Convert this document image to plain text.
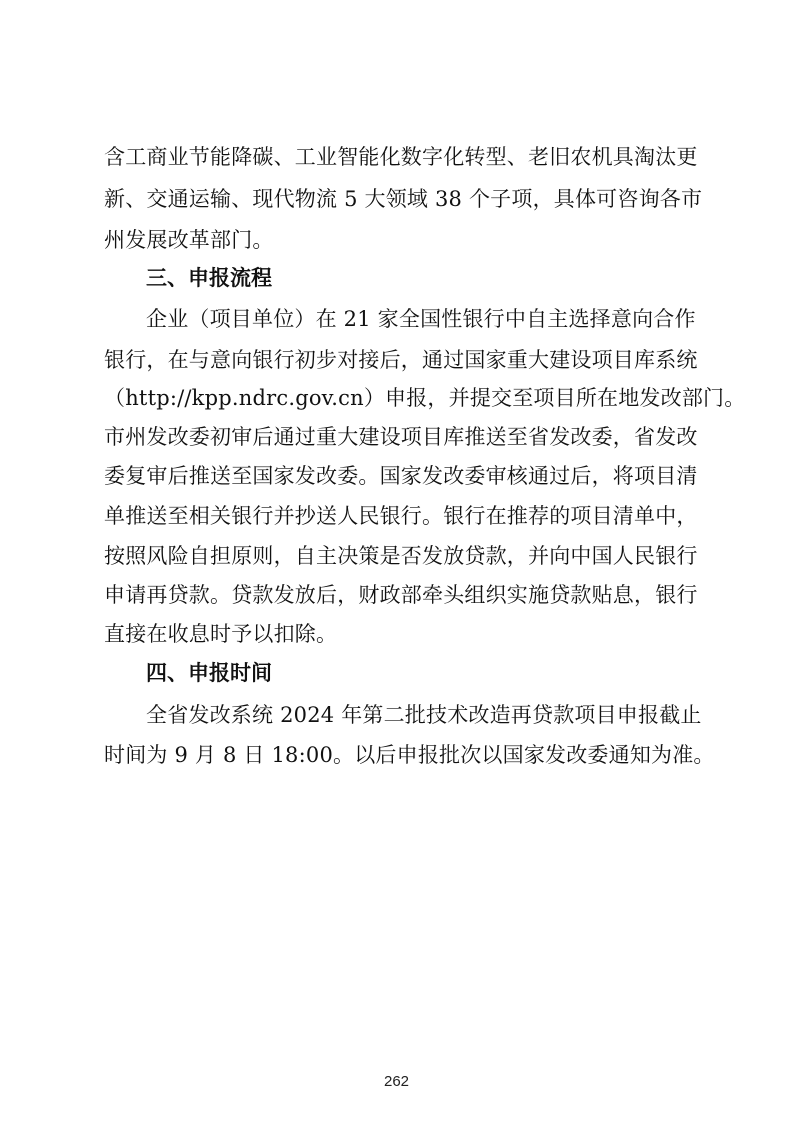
含工商业节能降碳、工业智能化数字化转型、老旧农机具淘汰更
新、交通运输、现代物流 5 大领域 38 个子项，具体可咨询各市
州发展改革部门。
三、申报流程
企业（项目单位）在 21 家全国性银行中自主选择意向合作
银行，在与意向银行初步对接后，通过国家重大建设项目库系统
（http://kpp.ndrc.gov.cn）申报，并提交至项目所在地发改部门。
市州发改委初审后通过重大建设项目库推送至省发改委，省发改
委复审后推送至国家发改委。国家发改委审核通过后，将项目清
单推送至相关银行并抄送人民银行。银行在推荐的项目清单中，
按照风险自担原则，自主决策是否发放贷款，并向中国人民银行
申请再贷款。贷款发放后，财政部牵头组织实施贷款贴息，银行
直接在收息时予以扣除。
四、申报时间
全省发改系统 2024 年第二批技术改造再贷款项目申报截止
时间为 9 月 8 日 18:00。以后申报批次以国家发改委通知为准。
262
